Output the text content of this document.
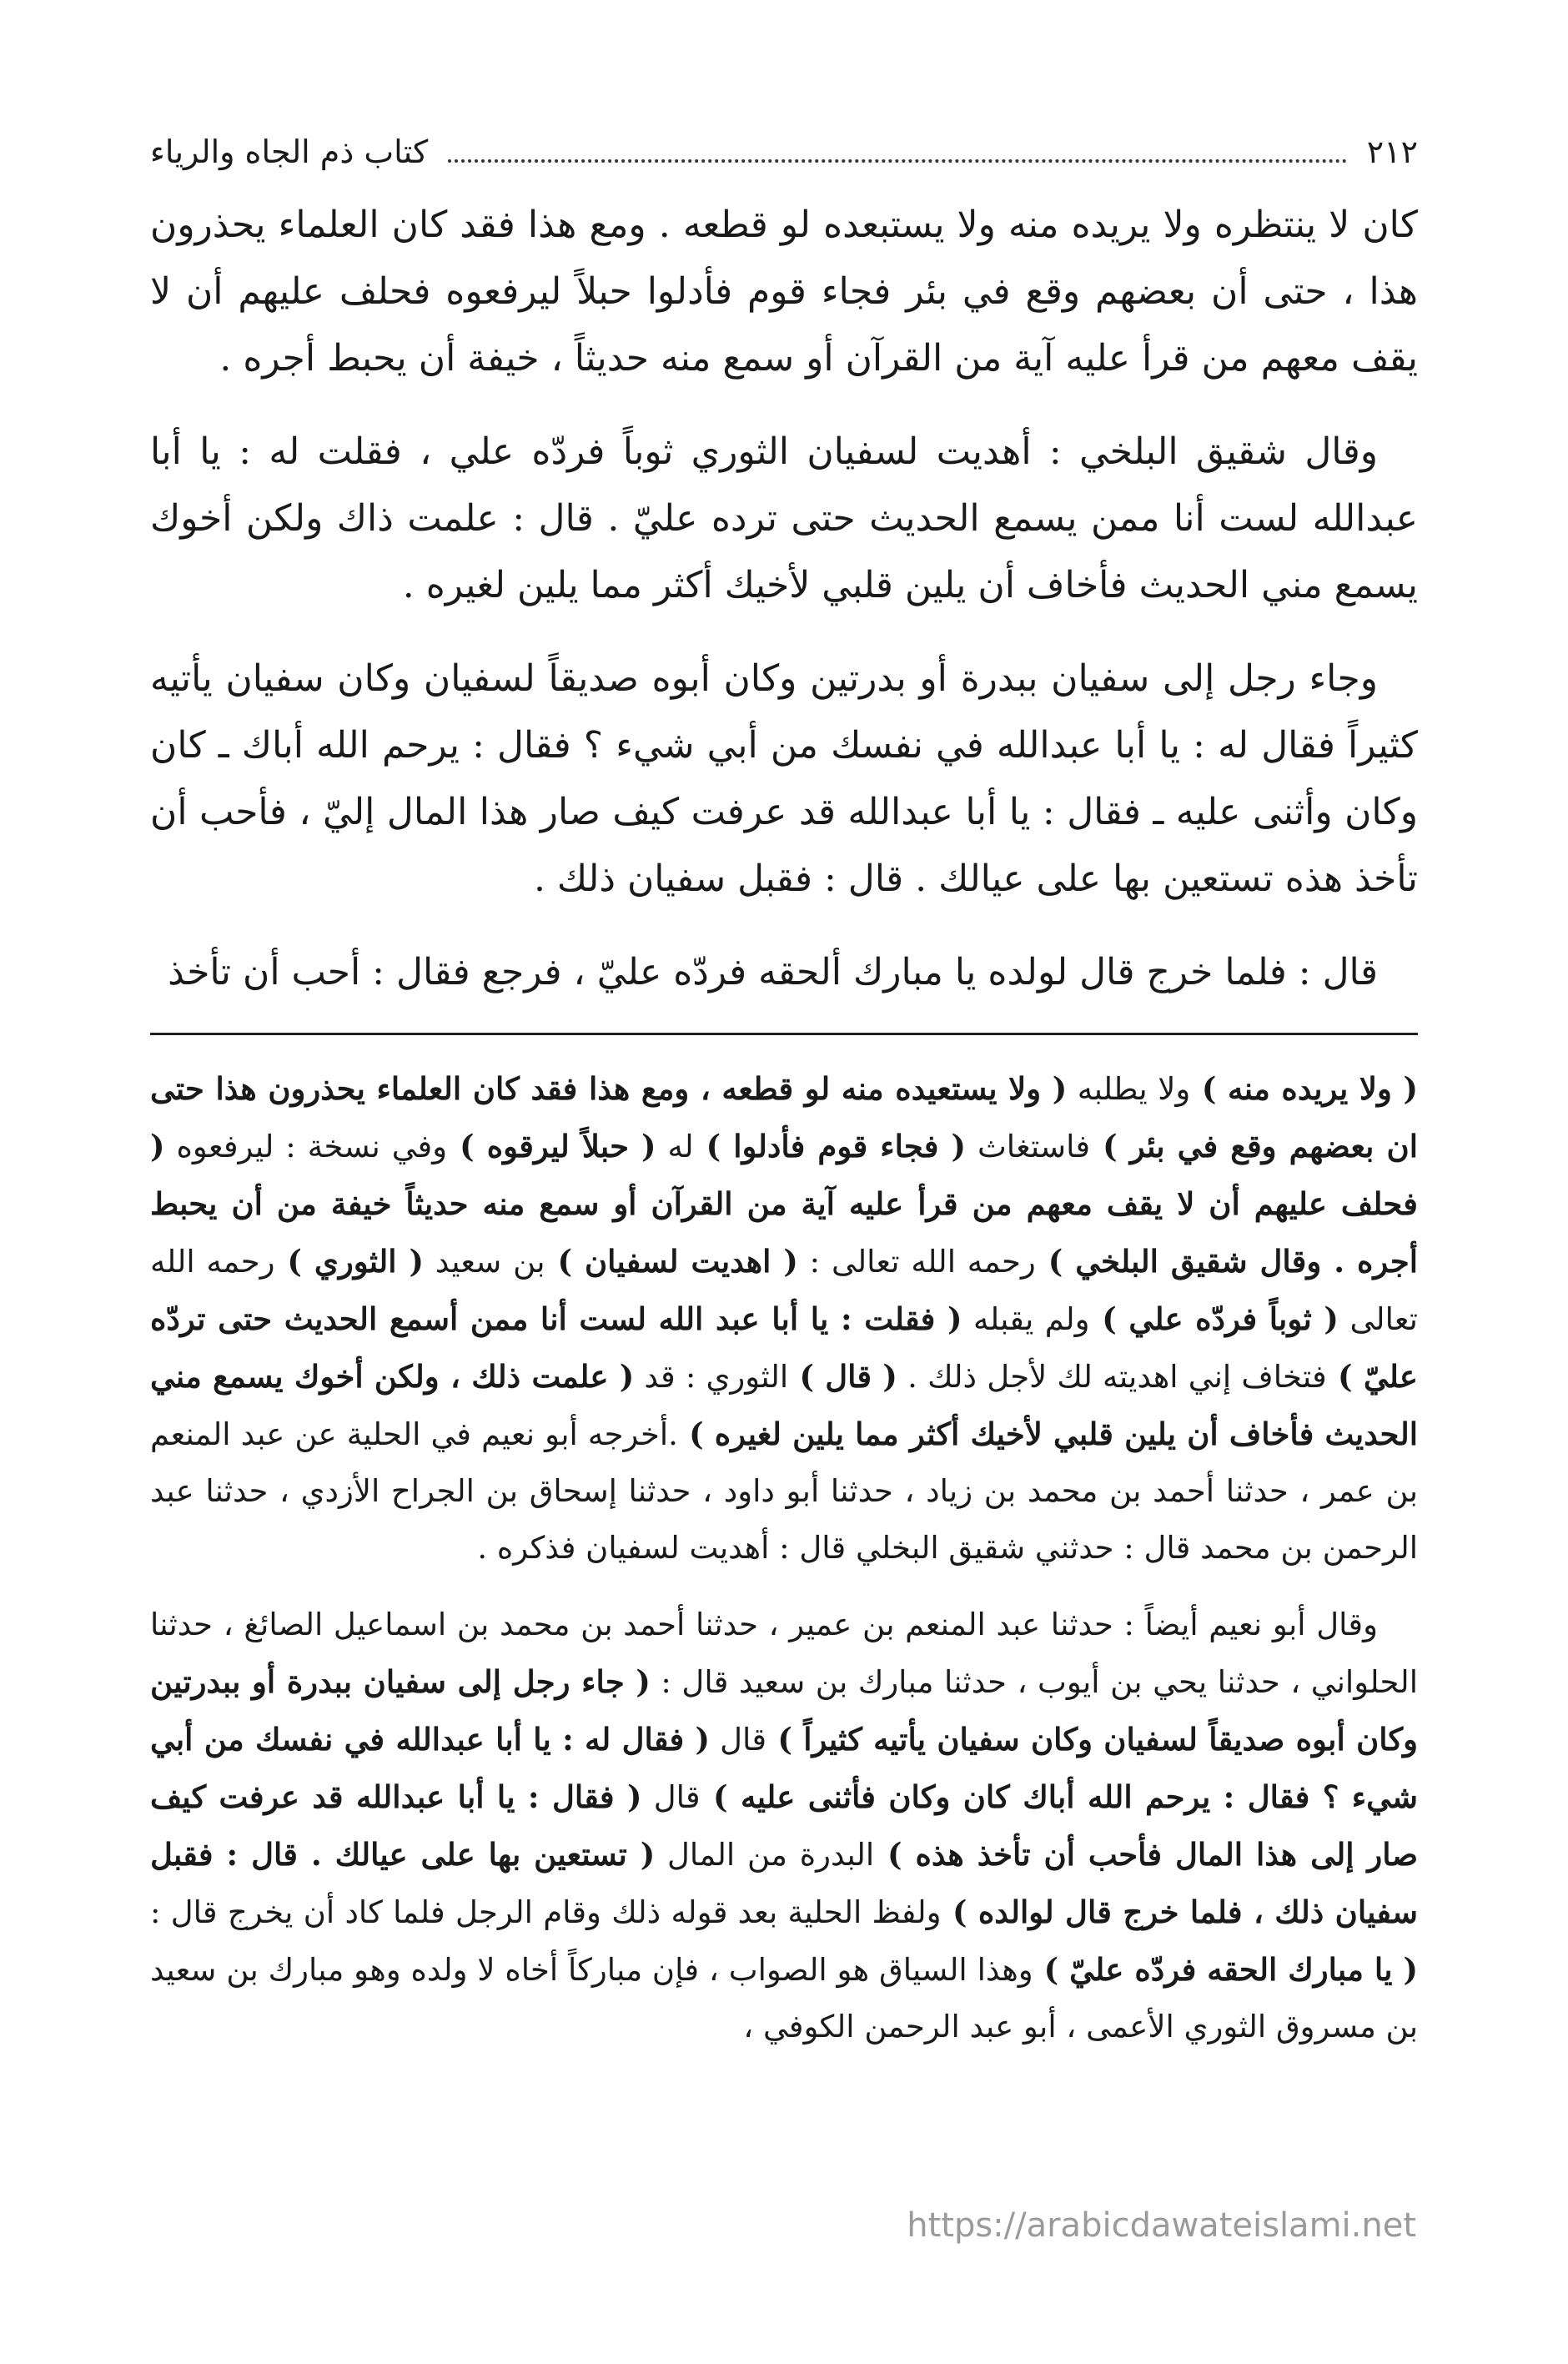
٢١٢
كتاب ذم الجاه والرياء

كان لا ينتظره ولا يريده منه ولا يستبعده لو قطعه . ومع هذا فقد كان العلماء يحذرون هذا ، حتى أن بعضهم وقع في بئر فجاء قوم فأدلوا حبلاً ليرفعوه فحلف عليهم أن لا يقف معهم من قرأ عليه آية من القرآن أو سمع منه حديثاً ، خيفة أن يحبط أجره .

وقال شقيق البلخي : أهديت لسفيان الثوري ثوباً فردّه علي ، فقلت له : يا أبا عبدالله لست أنا ممن يسمع الحديث حتى ترده عليّ . قال : علمت ذاك ولكن أخوك يسمع مني الحديث فأخاف أن يلين قلبي لأخيك أكثر مما يلين لغيره .

وجاء رجل إلى سفيان ببدرة أو بدرتين وكان أبوه صديقاً لسفيان وكان سفيان يأتيه كثيراً فقال له : يا أبا عبدالله في نفسك من أبي شيء ؟ فقال : يرحم الله أباك ـ كان وكان وأثنى عليه ـ فقال : يا أبا عبدالله قد عرفت كيف صار هذا المال إليّ ، فأحب أن تأخذ هذه تستعين بها على عيالك . قال : فقبل سفيان ذلك .

قال : فلما خرج قال لولده يا مبارك ألحقه فردّه عليّ ، فرجع فقال : أحب أن تأخذ

( ولا يريده منه ) ولا يطلبه ( ولا يستعيده منه لو قطعه ، ومع هذا فقد كان العلماء يحذرون هذا حتى ان بعضهم وقع في بئر ) فاستغاث ( فجاء قوم فأدلوا ) له ( حبلاً ليرقوه ) وفي نسخة : ليرفعوه ( فحلف عليهم أن لا يقف معهم من قرأ عليه آية من القرآن أو سمع منه حديثاً خيفة من أن يحبط أجره . وقال شقيق البلخي ) رحمه الله تعالى : ( اهديت لسفيان ) بن سعيد ( الثوري ) رحمه الله تعالى ( ثوباً فردّه علي ) ولم يقبله ( فقلت : يا أبا عبد الله لست أنا ممن أسمع الحديث حتى تردّه عليّ ) فتخاف إني اهديته لك لأجل ذلك . ( قال ) الثوري : قد ( علمت ذلك ، ولكن أخوك يسمع مني الحديث فأخاف أن يلين قلبي لأخيك أكثر مما يلين لغيره ) .أخرجه أبو نعيم في الحلية عن عبد المنعم بن عمر ، حدثنا أحمد بن محمد بن زياد ، حدثنا أبو داود ، حدثنا إسحاق بن الجراح الأزدي ، حدثنا عبد الرحمن بن محمد قال : حدثني شقيق البخلي قال : أهديت لسفيان فذكره .

وقال أبو نعيم أيضاً : حدثنا عبد المنعم بن عمير ، حدثنا أحمد بن محمد بن اسماعيل الصائغ ، حدثنا الحلواني ، حدثنا يحي بن أيوب ، حدثنا مبارك بن سعيد قال : ( جاء رجل إلى سفيان ببدرة أو ببدرتين وكان أبوه صديقاً لسفيان وكان سفيان يأتيه كثيراً ) قال ( فقال له : يا أبا عبدالله في نفسك من أبي شيء ؟ فقال : يرحم الله أباك كان وكان فأثنى عليه ) قال ( فقال : يا أبا عبدالله قد عرفت كيف صار إلى هذا المال فأحب أن تأخذ هذه ) البدرة من المال ( تستعين بها على عيالك . قال : فقبل سفيان ذلك ، فلما خرج قال لوالده ) ولفظ الحلية بعد قوله ذلك وقام الرجل فلما كاد أن يخرج قال : ( يا مبارك الحقه فردّه عليّ ) وهذا السياق هو الصواب ، فإن مباركاً أخاه لا ولده وهو مبارك بن سعيد بن مسروق الثوري الأعمى ، أبو عبد الرحمن الكوفي ،

https://arabicdawateislami.net
